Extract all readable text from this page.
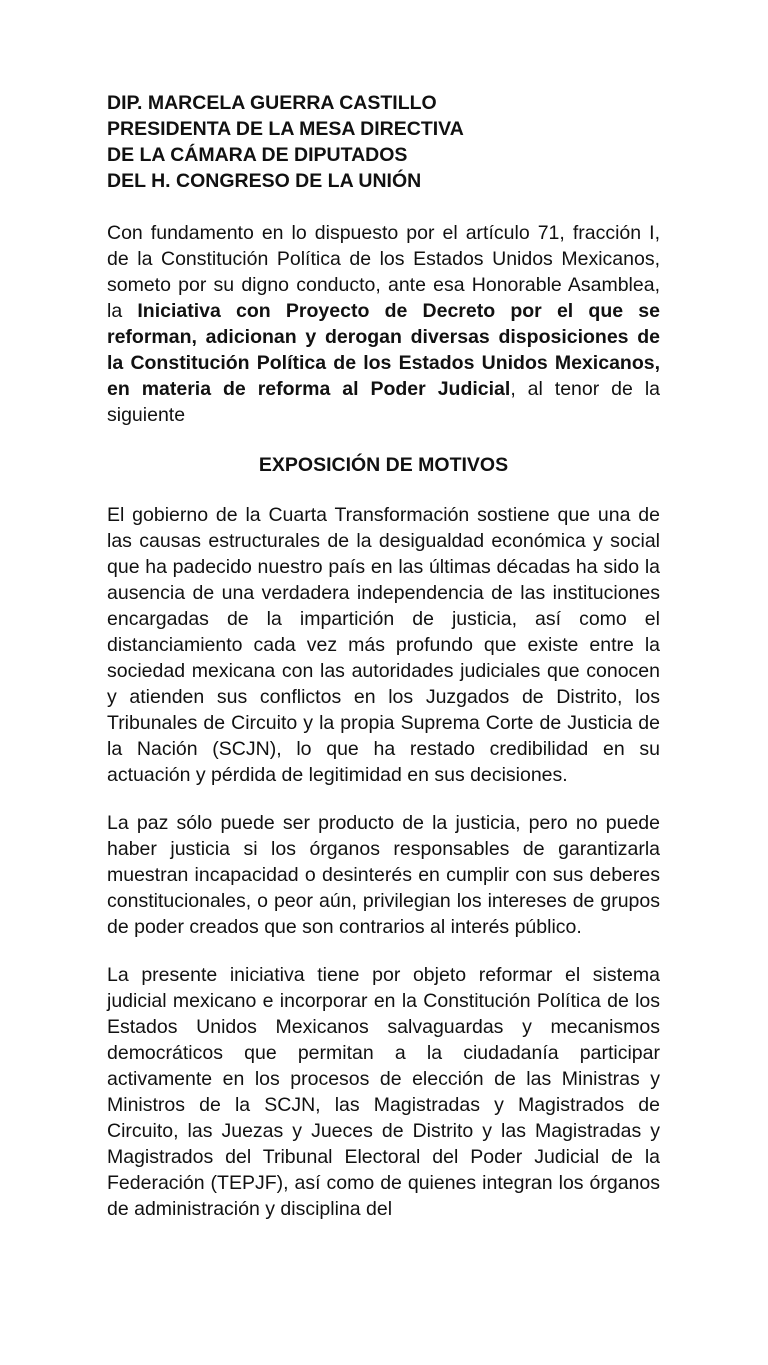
DIP. MARCELA GUERRA CASTILLO
PRESIDENTA DE LA MESA DIRECTIVA
DE LA CÁMARA DE DIPUTADOS
DEL H. CONGRESO DE LA UNIÓN

Con fundamento en lo dispuesto por el artículo 71, fracción I, de la Constitución Política de los Estados Unidos Mexicanos, someto por su digno conducto, ante esa Honorable Asamblea, la Iniciativa con Proyecto de Decreto por el que se reforman, adicionan y derogan diversas disposiciones de la Constitución Política de los Estados Unidos Mexicanos, en materia de reforma al Poder Judicial, al tenor de la siguiente

EXPOSICIÓN DE MOTIVOS

El gobierno de la Cuarta Transformación sostiene que una de las causas estructurales de la desigualdad económica y social que ha padecido nuestro país en las últimas décadas ha sido la ausencia de una verdadera independencia de las instituciones encargadas de la impartición de justicia, así como el distanciamiento cada vez más profundo que existe entre la sociedad mexicana con las autoridades judiciales que conocen y atienden sus conflictos en los Juzgados de Distrito, los Tribunales de Circuito y la propia Suprema Corte de Justicia de la Nación (SCJN), lo que ha restado credibilidad en su actuación y pérdida de legitimidad en sus decisiones.

La paz sólo puede ser producto de la justicia, pero no puede haber justicia si los órganos responsables de garantizarla muestran incapacidad o desinterés en cumplir con sus deberes constitucionales, o peor aún, privilegian los intereses de grupos de poder creados que son contrarios al interés público.

La presente iniciativa tiene por objeto reformar el sistema judicial mexicano e incorporar en la Constitución Política de los Estados Unidos Mexicanos salvaguardas y mecanismos democráticos que permitan a la ciudadanía participar activamente en los procesos de elección de las Ministras y Ministros de la SCJN, las Magistradas y Magistrados de Circuito, las Juezas y Jueces de Distrito y las Magistradas y Magistrados del Tribunal Electoral del Poder Judicial de la Federación (TEPJF), así como de quienes integran los órganos de administración y disciplina del
